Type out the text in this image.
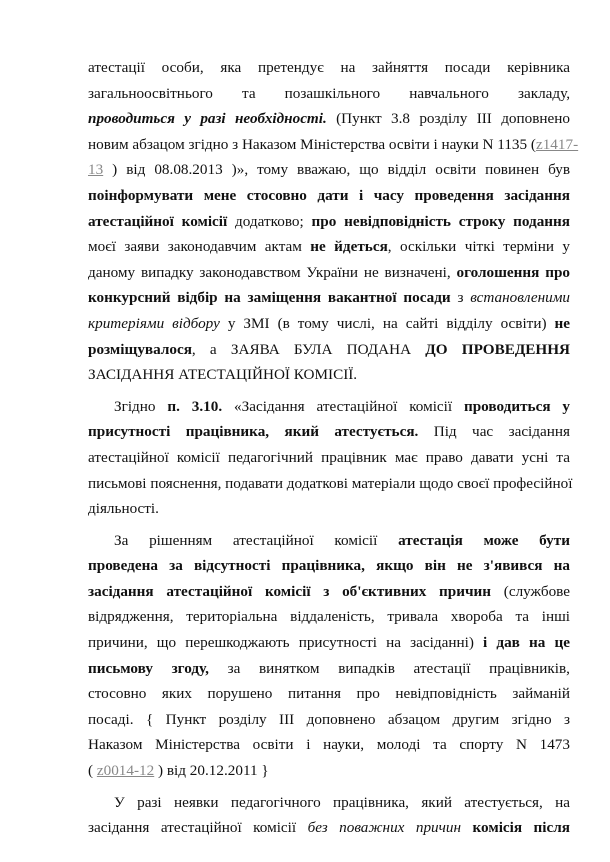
атестації особи, яка претендує на зайняття посади керівника
загальноосвітнього та позашкільного навчального закладу,
проводиться у разі необхідності. (Пункт 3.8 розділу ІІІ доповнено
новим абзацом згідно з Наказом Міністерства освіти і науки N 1135 (z1417-
13 ) від 08.08.2013 )», тому вважаю, що відділ освіти повинен був
поінформувати мене стосовно дати і часу проведення засідання
атестаційної комісії додатково; про невідповідність строку подання
моєї заяви законодавчим актам не йдеться, оскільки чіткі терміни у
даному випадку законодавством України не визначені, оголошення про
конкурсний відбір на заміщення вакантної посади з встановленими
критеріями відбору у ЗМІ (в тому числі, на сайті відділу освіти) не
розміщувалося, а ЗАЯВА БУЛА ПОДАНА ДО ПРОВЕДЕННЯ
ЗАСІДАННЯ АТЕСТАЦІЙНОЇ КОМІСІЇ.
Згідно п. 3.10. «Засідання атестаційної комісії проводиться у
присутності працівника, який атестується. Під час засідання
атестаційної комісії педагогічний працівник має право давати усні та
письмові пояснення, подавати додаткові матеріали щодо своєї професійної
діяльності.
За рішенням атестаційної комісії атестація може бути
проведена за відсутності працівника, якщо він не з'явився на
засідання атестаційної комісії з об'єктивних причин (службове
відрядження, територіальна віддаленість, тривала хвороба та інші
причини, що перешкоджають присутності на засіданні) і дав на це
письмову згоду, за винятком випадків атестації працівників,
стосовно яких порушено питання про невідповідність займаній
посаді. { Пункт розділу ІІІ доповнено абзацом другим згідно з
Наказом Міністерства освіти і науки, молоді та спорту N 1473
( z0014-12 ) від 20.12.2011 }
У разі неявки педагогічного працівника, який атестується, на
засідання атестаційної комісії без поважних причин комісія після
